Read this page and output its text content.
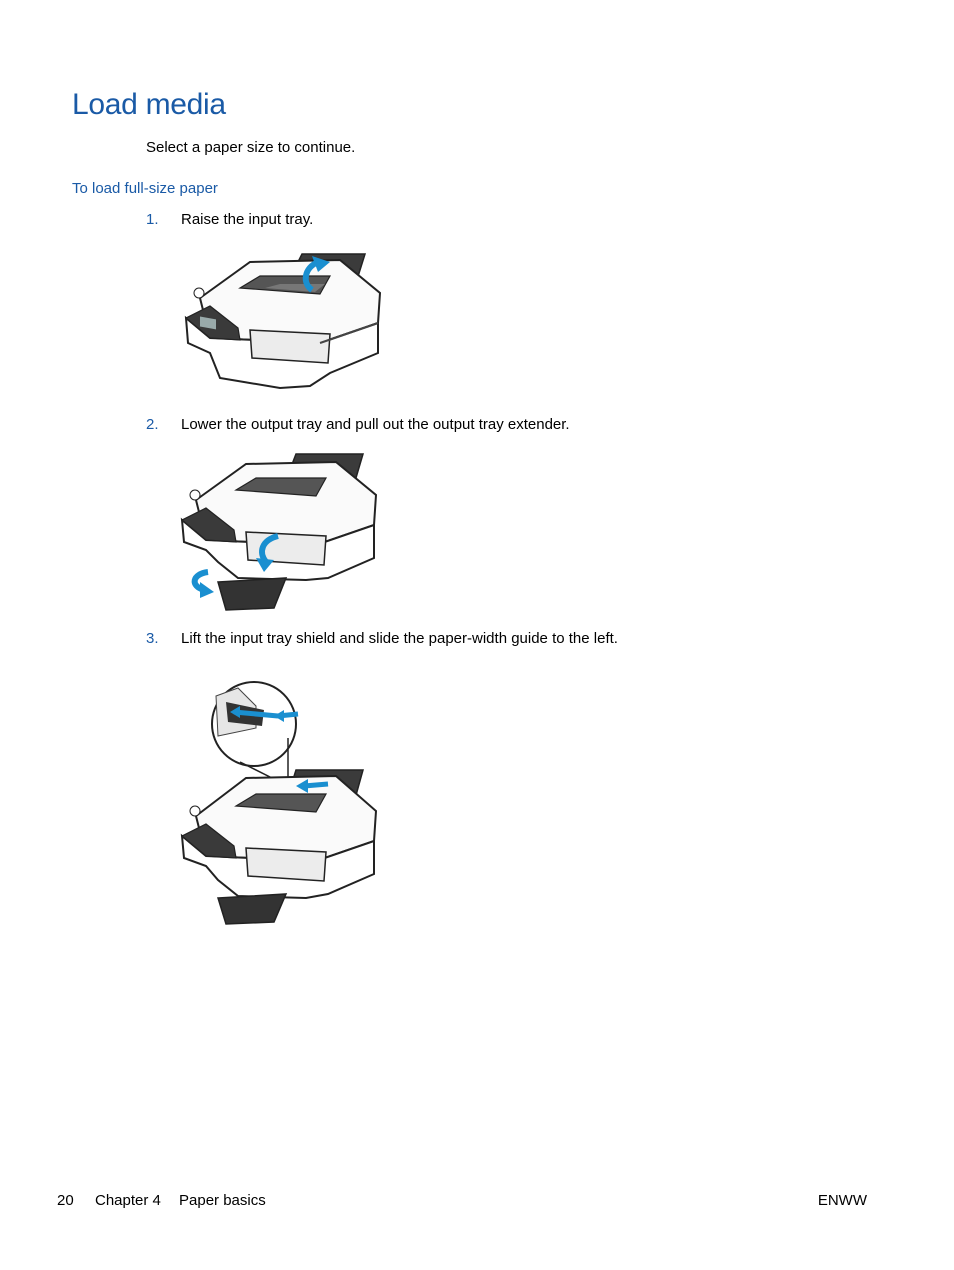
Load media
Select a paper size to continue.
To load full-size paper
1. Raise the input tray.
2. Lower the output tray and pull out the output tray extender.
3. Lift the input tray shield and slide the paper-width guide to the left.
20 Chapter 4 Paper basics	ENWW
